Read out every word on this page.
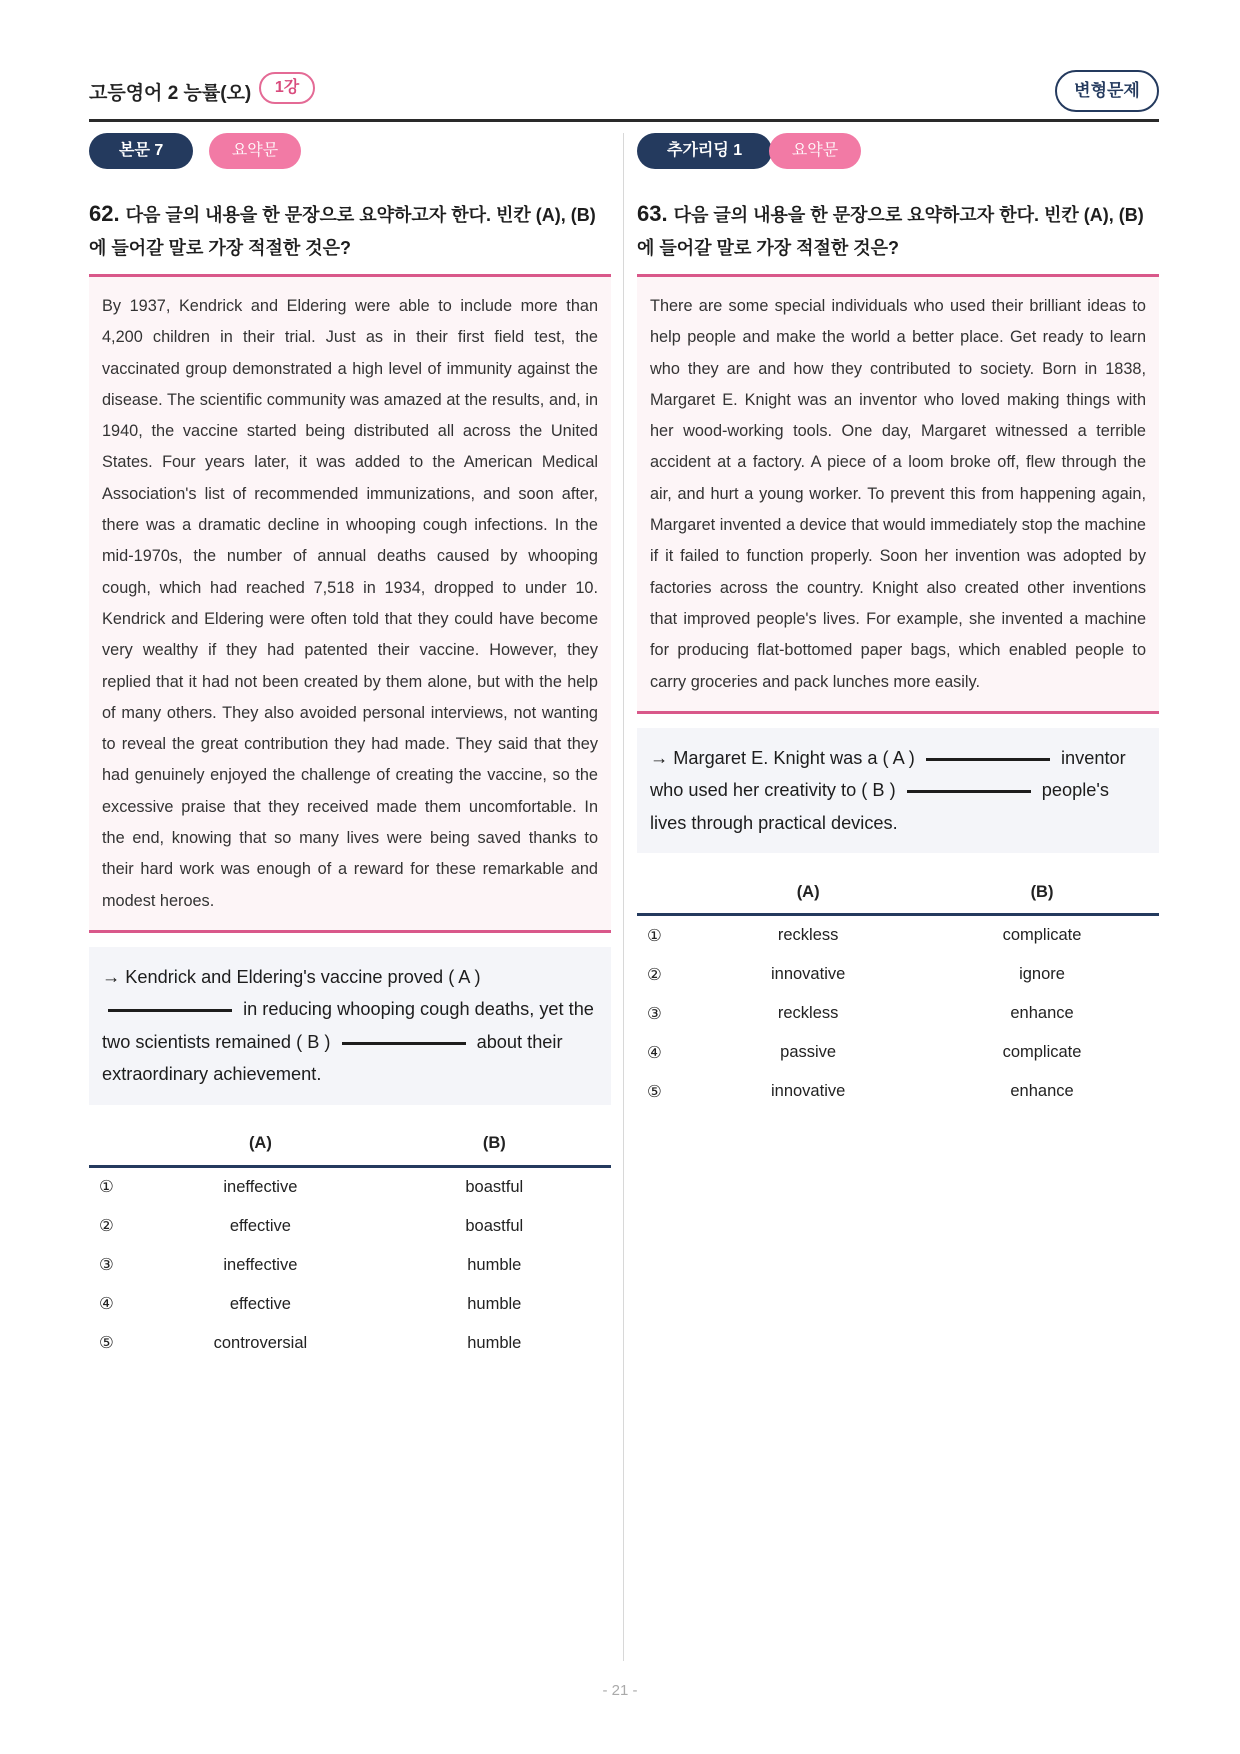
고등영어 2 능률(오)	1강	변형문제
본문 7	요약문
62. 다음 글의 내용을 한 문장으로 요약하고자 한다. 빈칸 (A), (B)에 들어갈 말로 가장 적절한 것은?
By 1937, Kendrick and Eldering were able to include more than 4,200 children in their trial. Just as in their first field test, the vaccinated group demonstrated a high level of immunity against the disease. The scientific community was amazed at the results, and, in 1940, the vaccine started being distributed all across the United States. Four years later, it was added to the American Medical Association's list of recommended immunizations, and soon after, there was a dramatic decline in whooping cough infections. In the mid-1970s, the number of annual deaths caused by whooping cough, which had reached 7,518 in 1934, dropped to under 10. Kendrick and Eldering were often told that they could have become very wealthy if they had patented their vaccine. However, they replied that it had not been created by them alone, but with the help of many others. They also avoided personal interviews, not wanting to reveal the great contribution they had made. They said that they had genuinely enjoyed the challenge of creating the vaccine, so the excessive praise that they received made them uncomfortable. In the end, knowing that so many lives were being saved thanks to their hard work was enough of a reward for these remarkable and modest heroes.
→ Kendrick and Eldering's vaccine proved ( A )
in reducing whooping cough deaths, yet the two scientists remained ( B )	about their extraordinary achievement.
	(A)	(B)
①	ineffective	boastful
②	effective	boastful
③	ineffective	humble
④	effective	humble
⑤	controversial	humble
추가리딩 1	요약문
63. 다음 글의 내용을 한 문장으로 요약하고자 한다. 빈칸 (A), (B)에 들어갈 말로 가장 적절한 것은?
There are some special individuals who used their brilliant ideas to help people and make the world a better place. Get ready to learn who they are and how they contributed to society. Born in 1838, Margaret E. Knight was an inventor who loved making things with her wood-working tools. One day, Margaret witnessed a terrible accident at a factory. A piece of a loom broke off, flew through the air, and hurt a young worker. To prevent this from happening again, Margaret invented a device that would immediately stop the machine if it failed to function properly. Soon her invention was adopted by factories across the country. Knight also created other inventions that improved people's lives. For example, she invented a machine for producing flat-bottomed paper bags, which enabled people to carry groceries and pack lunches more easily.
→ Margaret E. Knight was a ( A )	inventor who used her creativity to ( B )	people's lives through practical devices.
	(A)	(B)
①	reckless	complicate
②	innovative	ignore
③	reckless	enhance
④	passive	complicate
⑤	innovative	enhance
- 21 -
